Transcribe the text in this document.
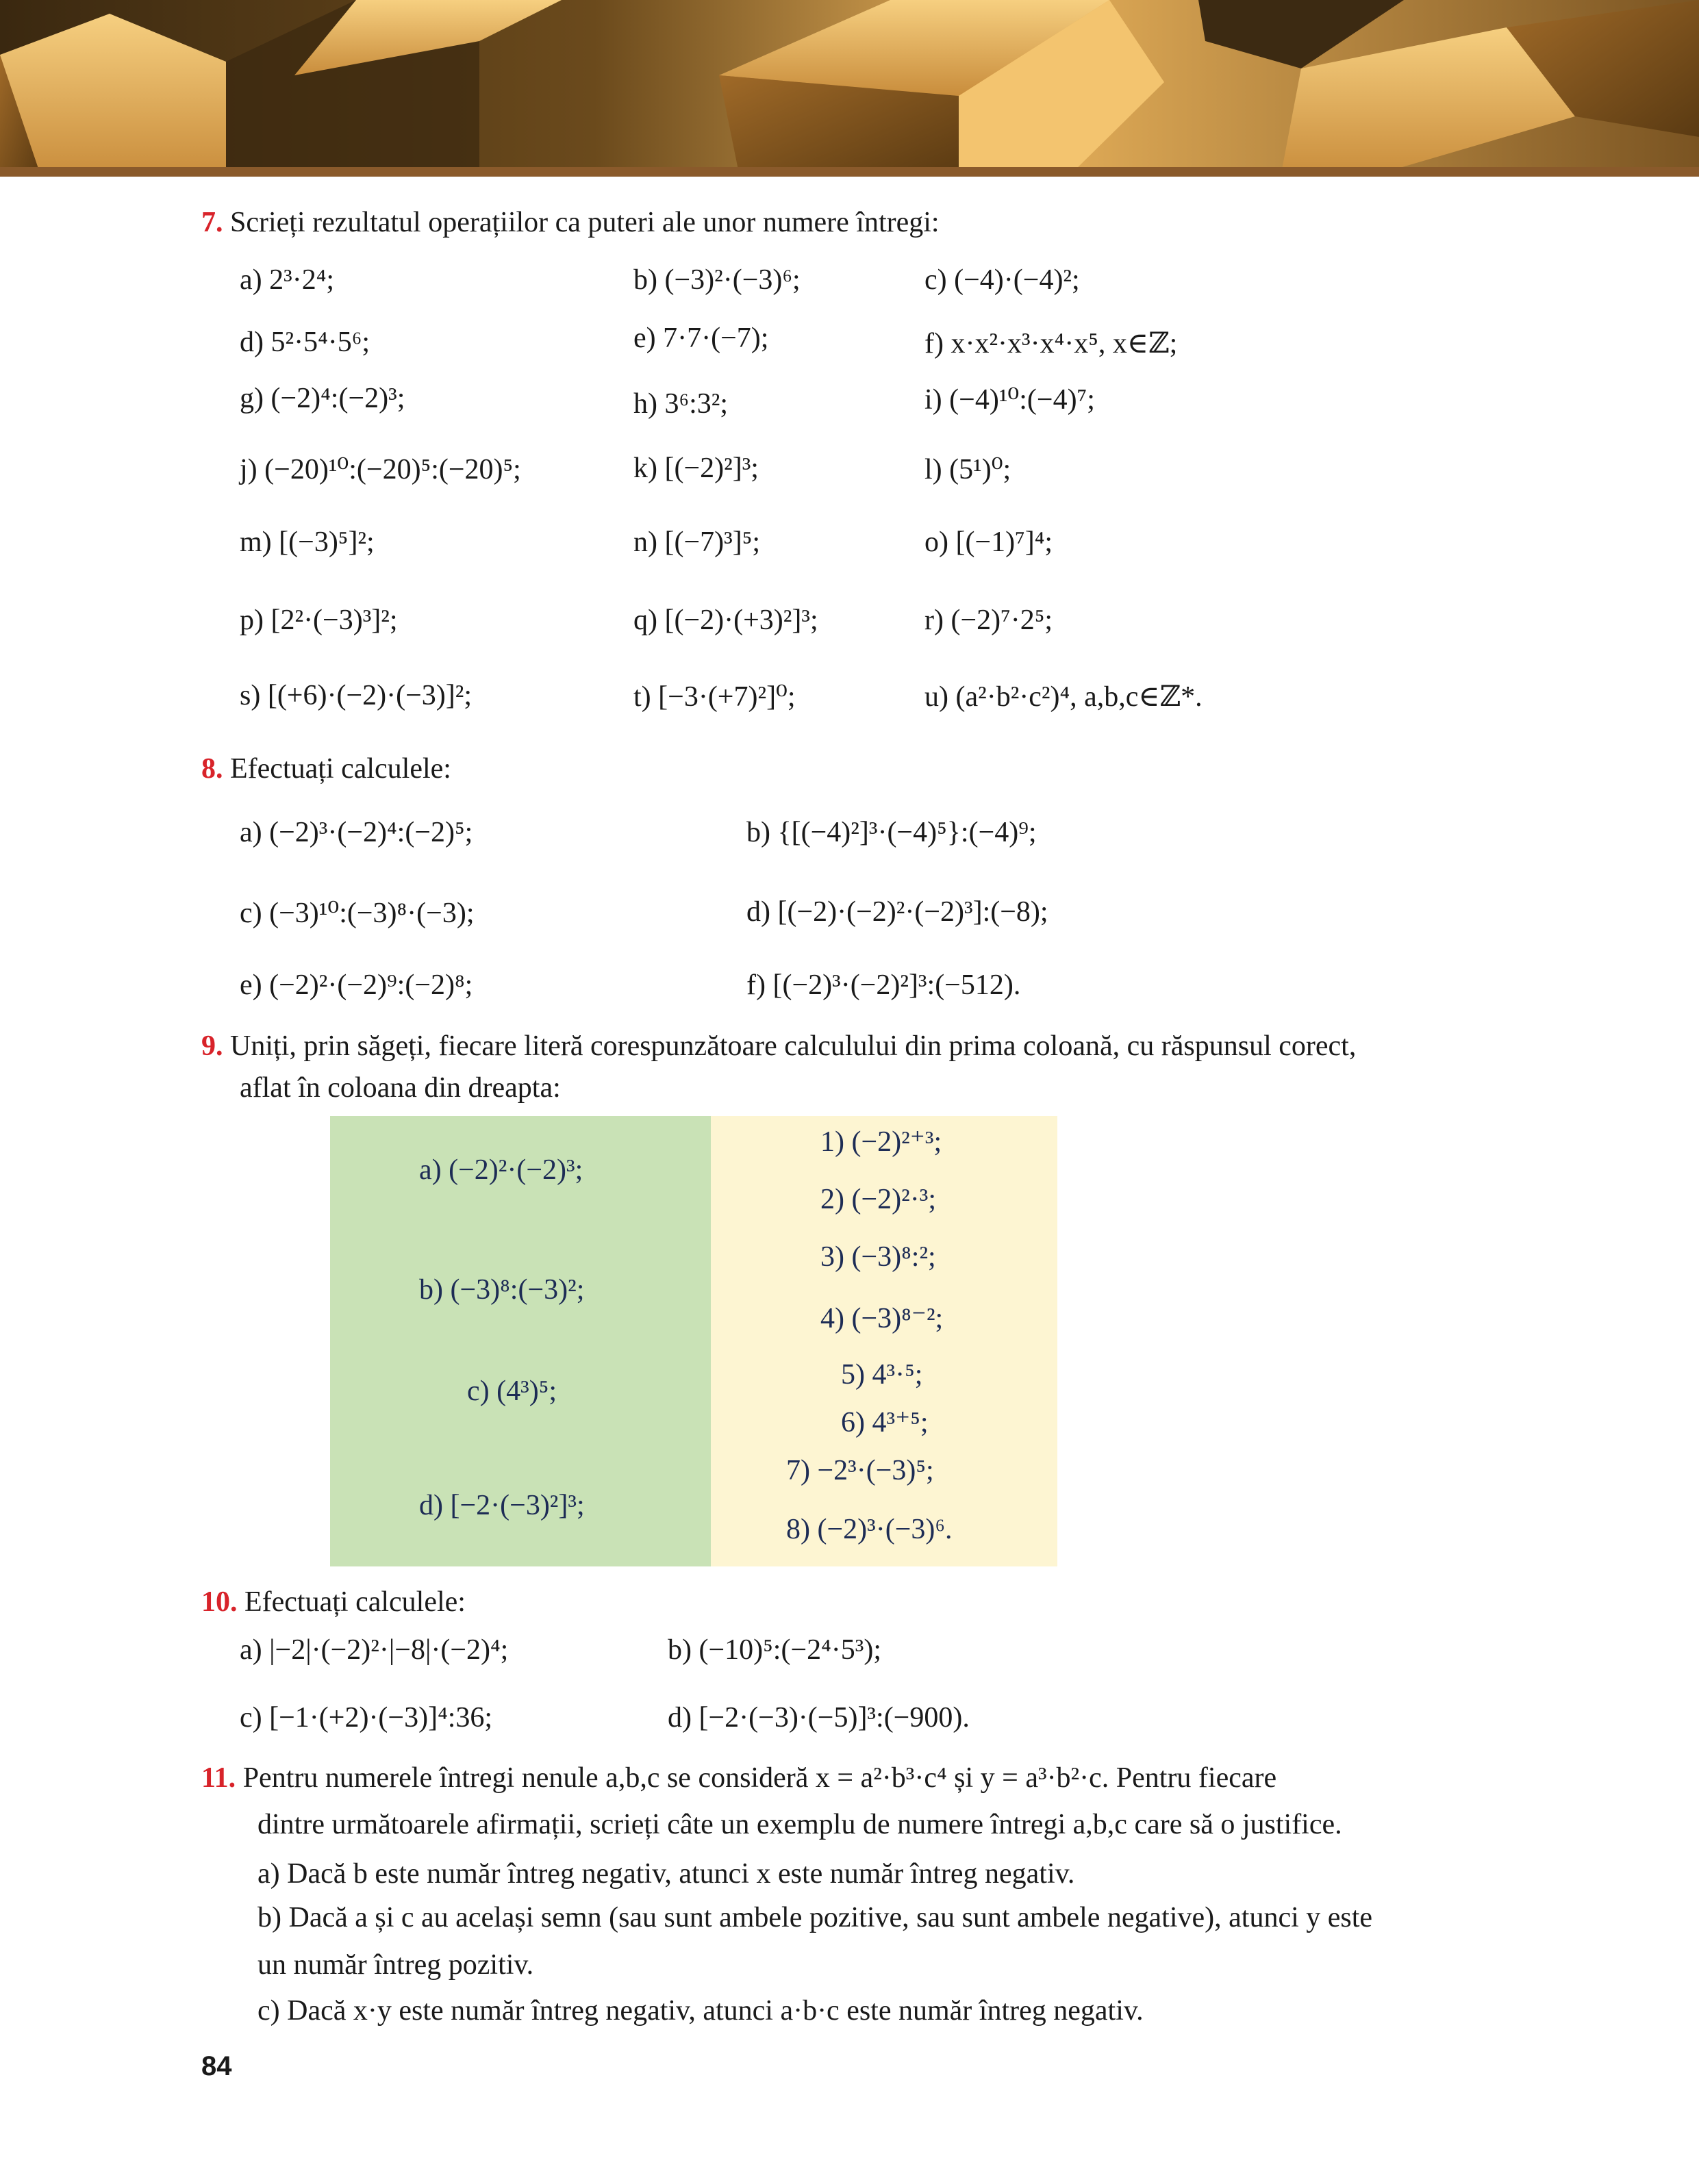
7. Scrieți rezultatul operațiilor ca puteri ale unor numere întregi:
a) 2³·2⁴;	b) (−3)²·(−3)⁶;	c) (−4)·(−4)²;
d) 5²·5⁴·5⁶;	e) 7·7·(−7);	f) x·x²·x³·x⁴·x⁵, x∈ℤ;
g) (−2)⁴:(−2)³;	h) 3⁶:3²;	i) (−4)¹⁰:(−4)⁷;
j) (−20)¹⁰:(−20)⁵:(−20)⁵;	k) [(−2)²]³;	l) (5¹)⁰;
m) [(−3)⁵]²;	n) [(−7)³]⁵;	o) [(−1)⁷]⁴;
p) [2²·(−3)³]²;	q) [(−2)·(+3)²]³;	r) (−2)⁷·2⁵;
s) [(+6)·(−2)·(−3)]²;	t) [−3·(+7)²]⁰;	u) (a²·b²·c²)⁴, a,b,c∈ℤ*.
8. Efectuați calculele:
a) (−2)³·(−2)⁴:(−2)⁵;	b) {[(−4)²]³·(−4)⁵}:(−4)⁹;
c) (−3)¹⁰:(−3)⁸·(−3);	d) [(−2)·(−2)²·(−2)³]:(−8);
e) (−2)²·(−2)⁹:(−2)⁸;	f) [(−2)³·(−2)²]³:(−512).
9. Uniți, prin săgeți, fiecare literă corespunzătoare calculului din prima coloană, cu răspunsul corect,
aflat în coloana din dreapta:
a) (−2)²·(−2)³;
b) (−3)⁸:(−3)²;
c) (4³)⁵;
d) [−2·(−3)²]³;
1) (−2)²⁺³;
2) (−2)²·³;
3) (−3)⁸:²;
4) (−3)⁸⁻²;
5) 4³·⁵;
6) 4³⁺⁵;
7) −2³·(−3)⁵;
8) (−2)³·(−3)⁶.
10. Efectuați calculele:
a) |−2|·(−2)²·|−8|·(−2)⁴;	b) (−10)⁵:(−2⁴·5³);
c) [−1·(+2)·(−3)]⁴:36;	d) [−2·(−3)·(−5)]³:(−900).
11. Pentru numerele întregi nenule a,b,c se consideră x = a²·b³·c⁴ și y = a³·b²·c. Pentru fiecare
dintre următoarele afirmații, scrieți câte un exemplu de numere întregi a,b,c care să o justifice.
a) Dacă b este număr întreg negativ, atunci x este număr întreg negativ.
b) Dacă a și c au același semn (sau sunt ambele pozitive, sau sunt ambele negative), atunci y este
un număr întreg pozitiv.
c) Dacă x·y este număr întreg negativ, atunci a·b·c este număr întreg negativ.
84
